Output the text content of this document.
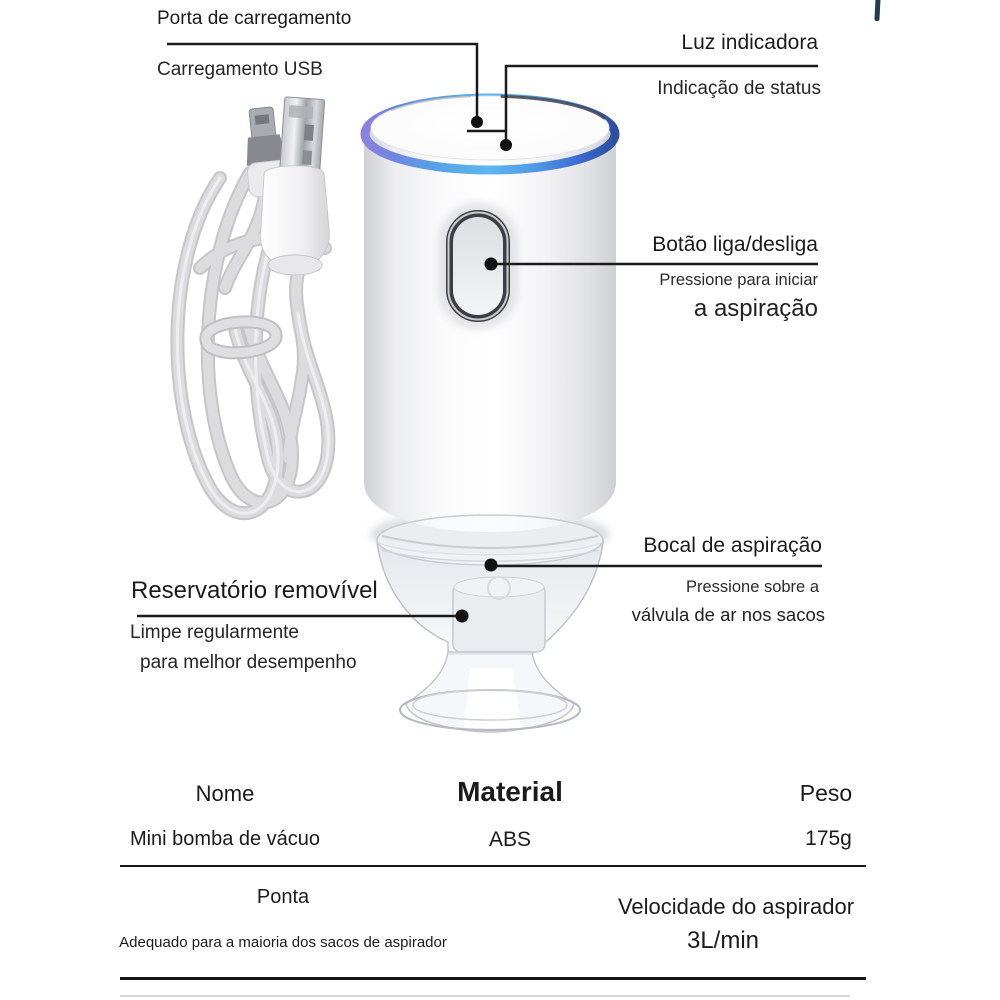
Porta de carregamento
Carregamento USB
Luz indicadora
Indicação de status
Botão liga/desliga
Pressione para iniciar
a aspiração
Bocal de aspiração
Pressione sobre a
válvula de ar nos sacos
Reservatório removível
Limpe regularmente
para melhor desempenho
Nome	Material	Peso
Mini bomba de vácuo	ABS	175g
Ponta	Velocidade do aspirador
Adequado para a maioria dos sacos de aspirador	3L/min
